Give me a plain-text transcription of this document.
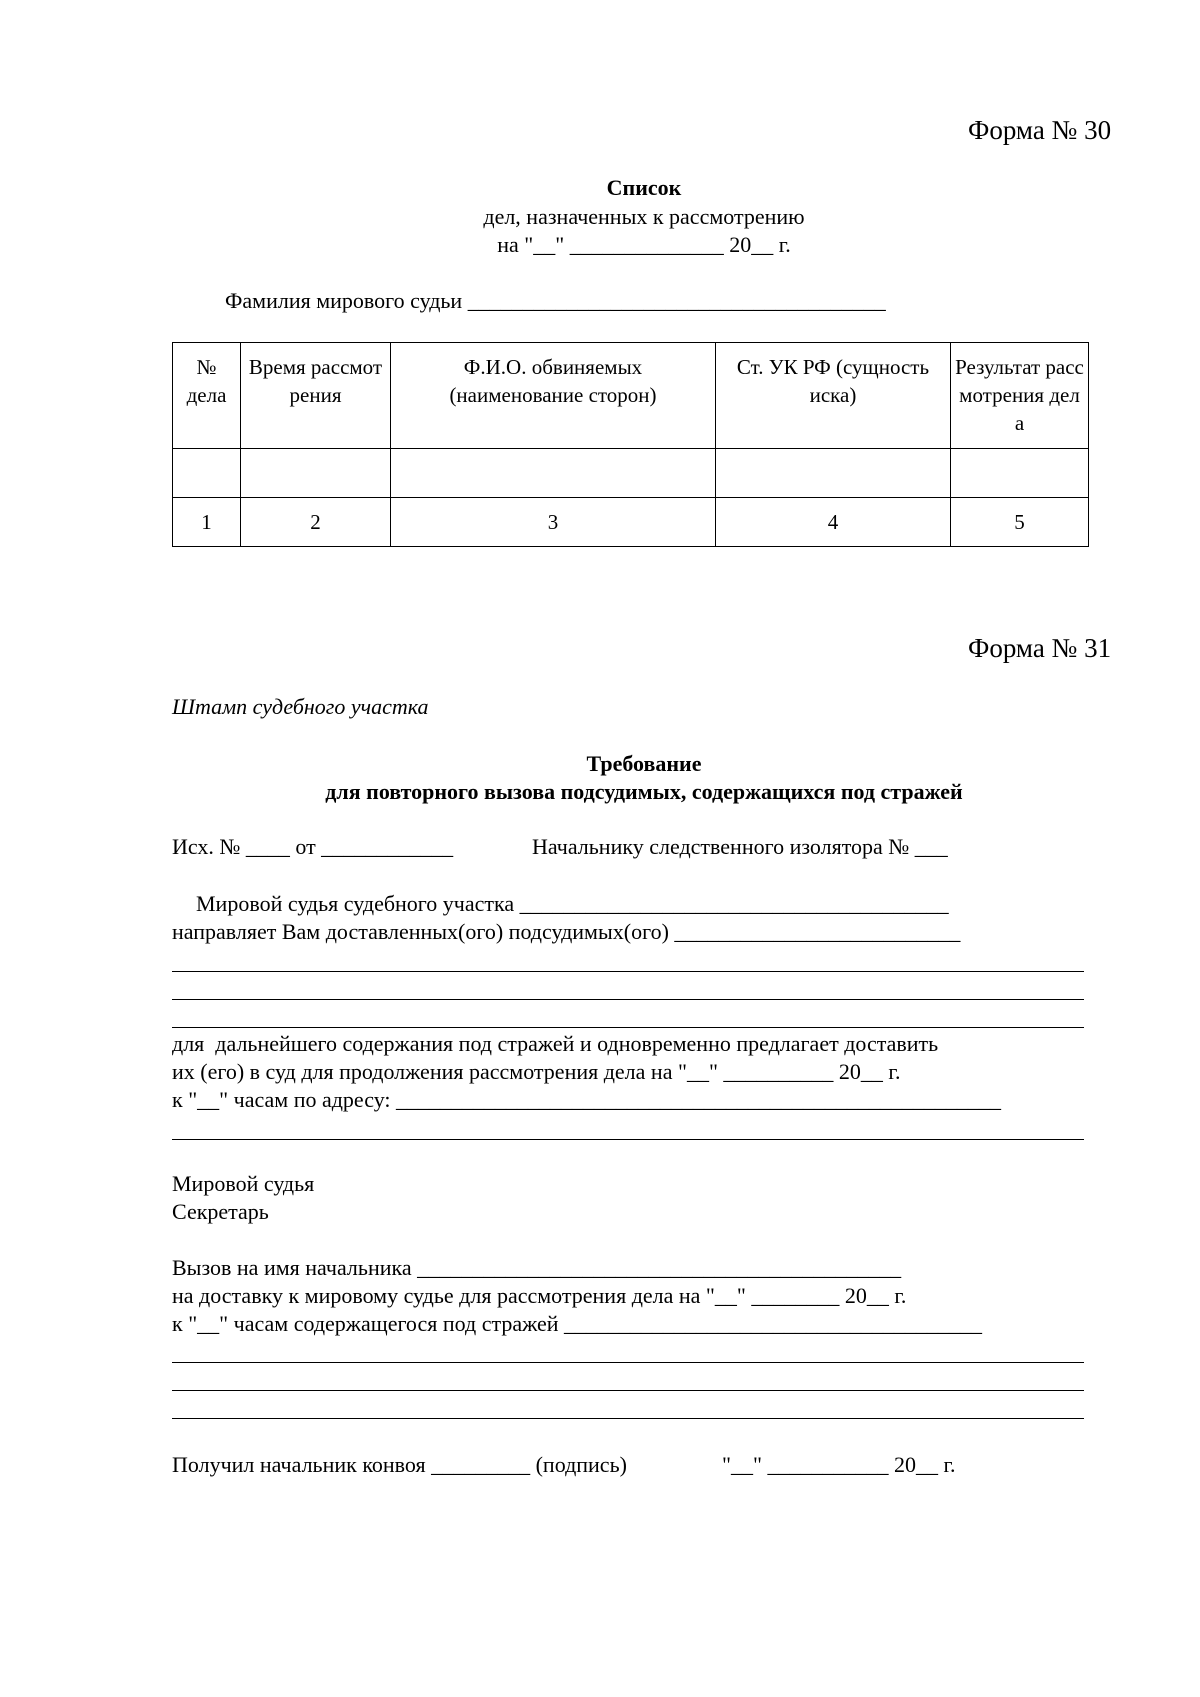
Форма № 30
Список
дел, назначенных к рассмотрению
на "__" ______________ 20__ г.
Фамилия мирового судьи ______________________________________
№ дела	Время рассмотрения	Ф.И.О. обвиняемых (наименование сторон)	Ст. УК РФ (сущность иска)	Результат рассмотрения дела

1	2	3	4	5
Форма № 31
Штамп судебного участка
Требование
для повторного вызова подсудимых, содержащихся под стражей
Исх. № ____ от ____________	Начальнику следственного изолятора № ___
Мировой судья судебного участка _______________________________________
направляет Вам доставленных(ого) подсудимых(ого) __________________________
для  дальнейшего содержания под стражей и одновременно предлагает доставить
их (его) в суд для продолжения рассмотрения дела на "__" __________ 20__ г.
к "__" часам по адресу: _______________________________________________________
Мировой судья
Секретарь
Вызов на имя начальника ____________________________________________
на доставку к мировому судье для рассмотрения дела на "__" ________ 20__ г.
к "__" часам содержащегося под стражей ______________________________________
Получил начальник конвоя _________ (подпись)	"__" ___________ 20__ г.
